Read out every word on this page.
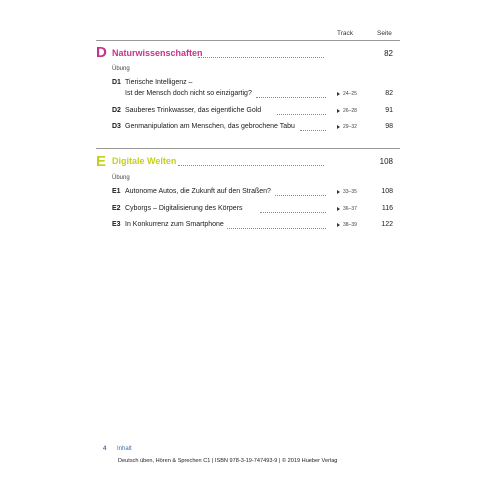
Track	Seite
D Naturwissenschaften	82
Übung
D1 Tierische Intelligenz –
Ist der Mensch doch nicht so einzigartig?	24–25	82
D2 Sauberes Trinkwasser, das eigentliche Gold	26–28	91
D3 Genmanipulation am Menschen, das gebrochene Tabu	29–32	98
E Digitale Welten	108
Übung
E1 Autonome Autos, die Zukunft auf den Straßen?	33–35	108
E2 Cyborgs – Digitalisierung des Körpers	36–37	116
E3 In Konkurrenz zum Smartphone	38–39	122
4 Inhalt
Deutsch üben, Hören & Sprechen C1 | ISBN 978-3-19-747493-9 | © 2019 Hueber Verlag
